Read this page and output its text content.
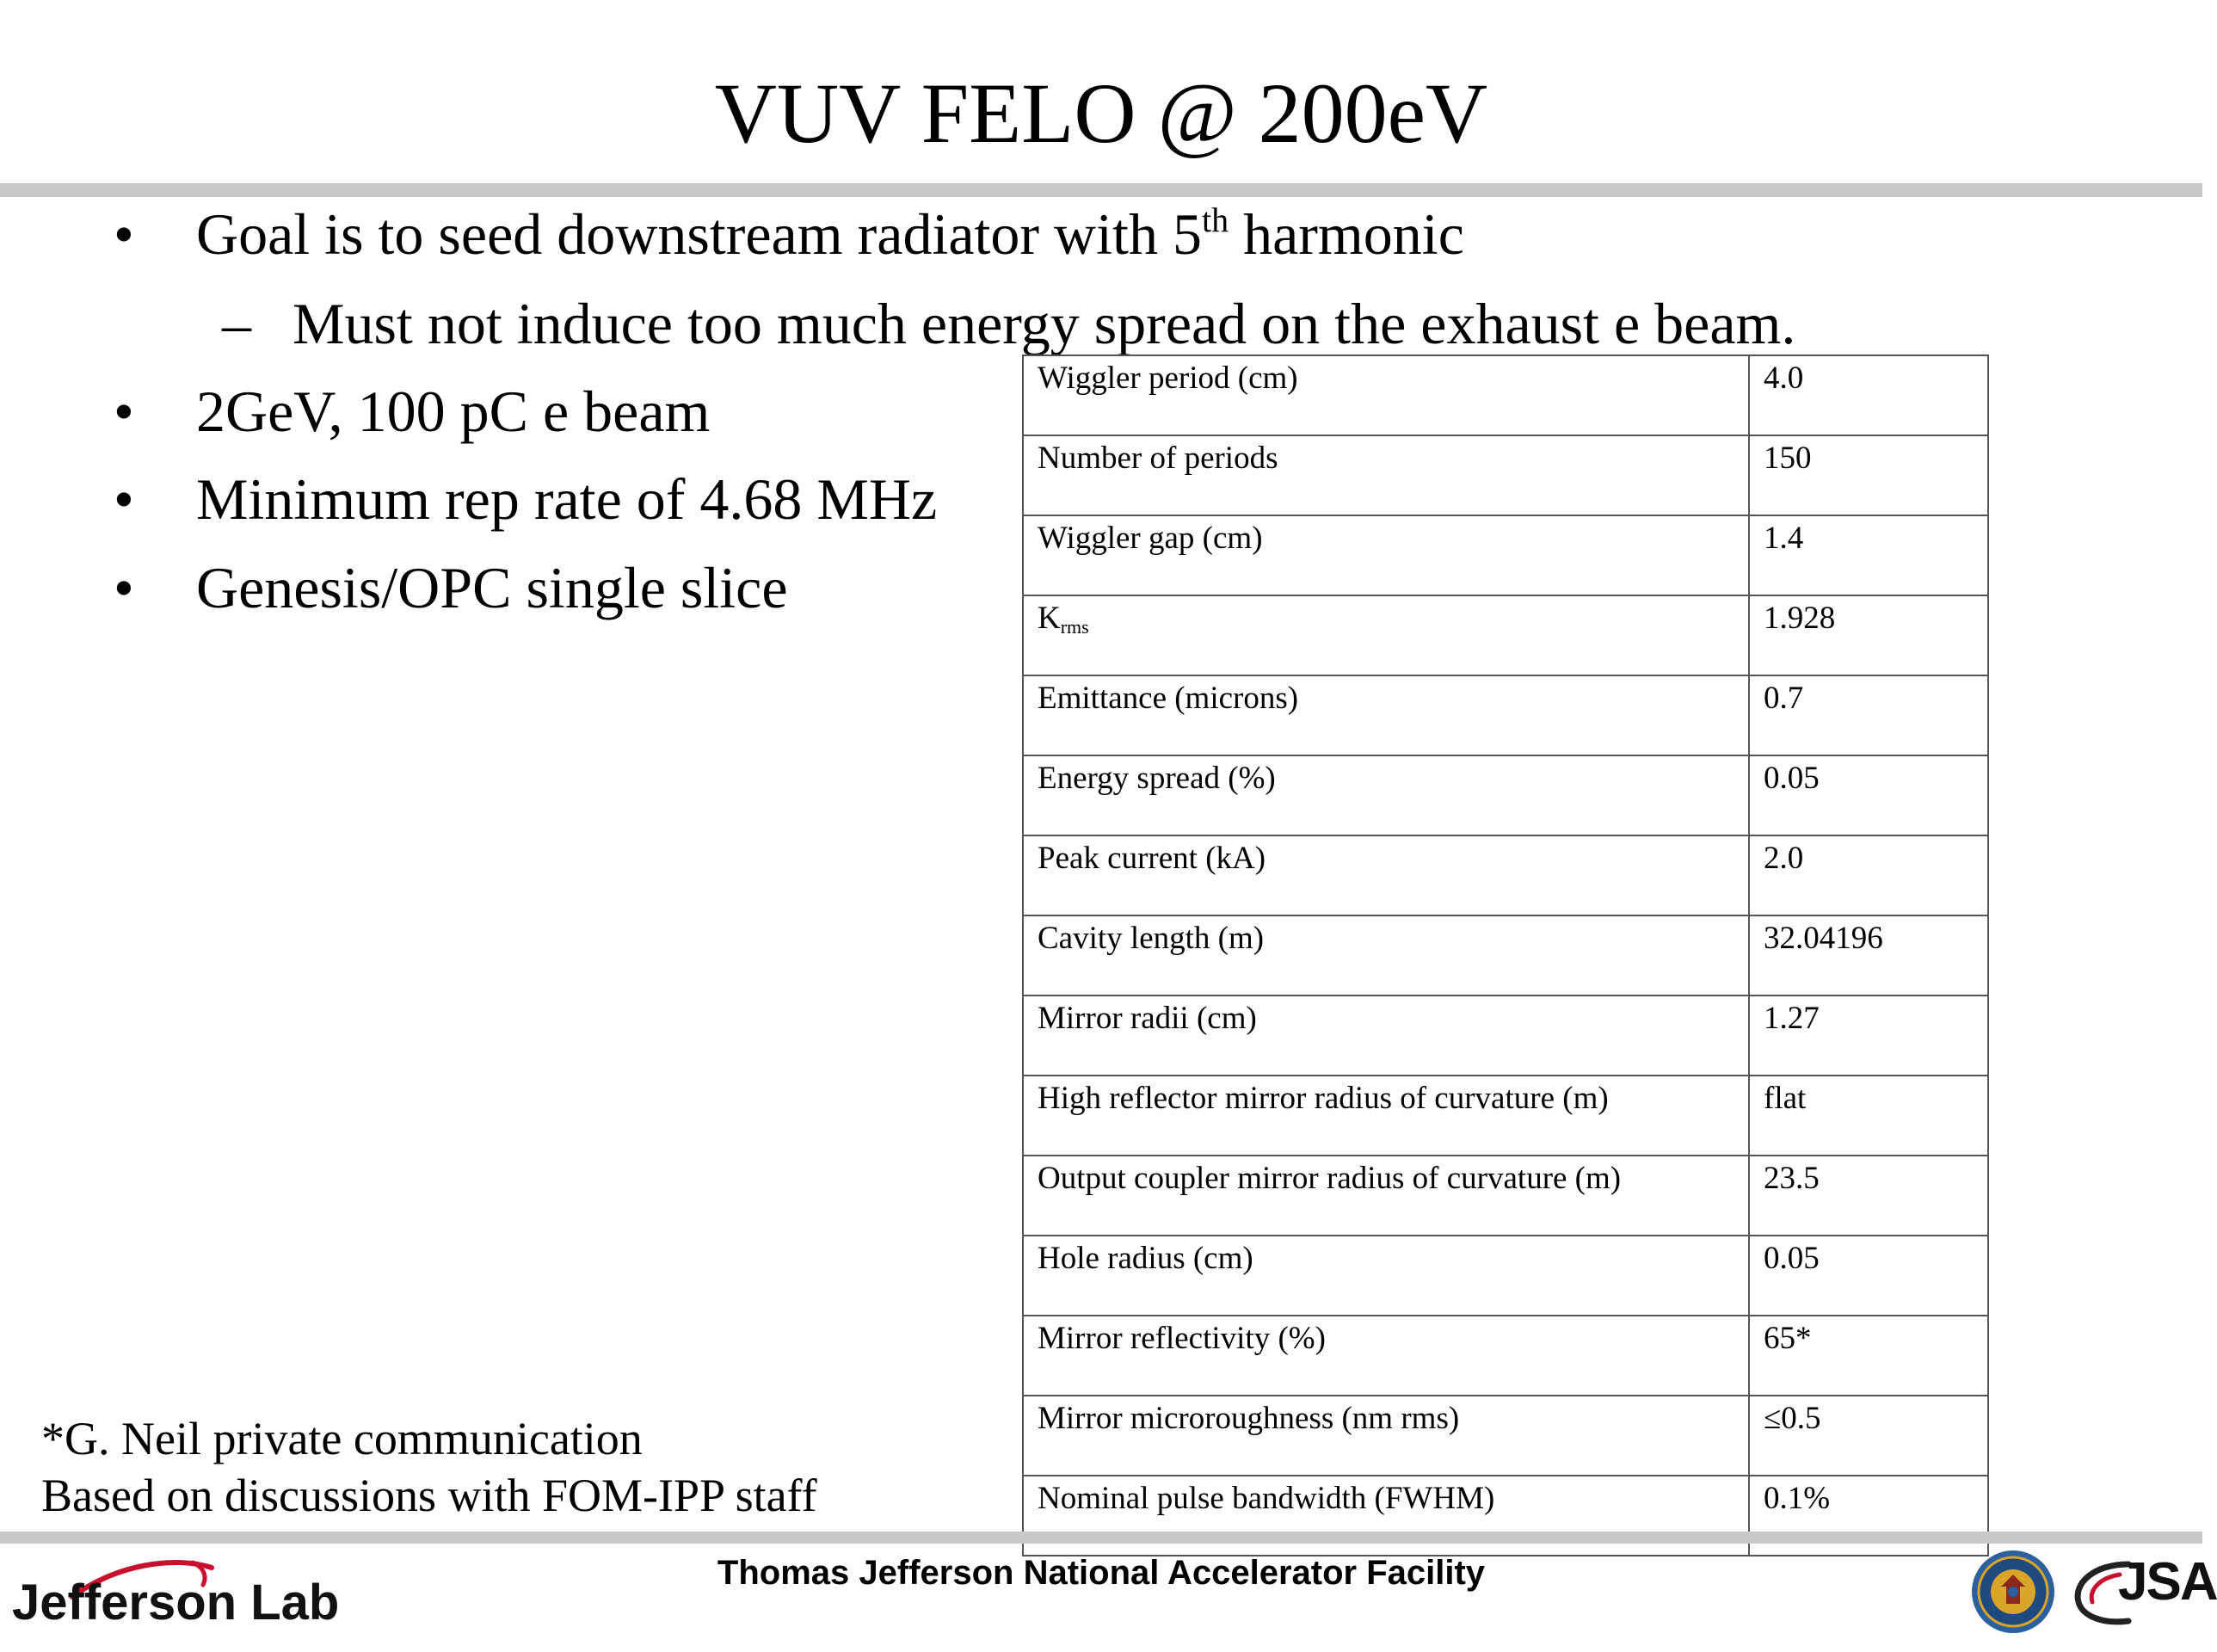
VUV FELO @ 200eV
• Goal is to seed downstream radiator with 5th harmonic
– Must not induce too much energy spread on the exhaust e beam.
• 2GeV, 100 pC e beam
• Minimum rep rate of 4.68 MHz
• Genesis/OPC single slice
Wiggler period (cm)	4.0
Number of periods	150
Wiggler gap (cm)	1.4
Krms	1.928
Emittance (microns)	0.7
Energy spread (%)	0.05
Peak current (kA)	2.0
Cavity length (m)	32.04196
Mirror radii (cm)	1.27
High reflector mirror radius of curvature (m)	flat
Output coupler mirror radius of curvature (m)	23.5
Hole radius (cm)	0.05
Mirror reflectivity (%)	65*
Mirror microroughness (nm rms)	≤0.5
Nominal pulse bandwidth (FWHM)	0.1%
*G. Neil private communication
Based on discussions with FOM-IPP staff
Jefferson Lab
Thomas Jefferson National Accelerator Facility	JSA
